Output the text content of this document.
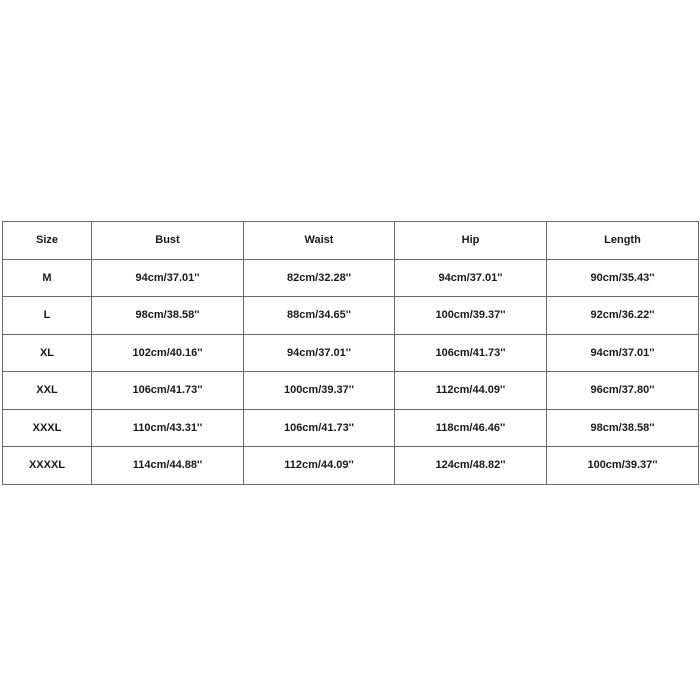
Size	Bust	Waist	Hip	Length
M	94cm/37.01''	82cm/32.28''	94cm/37.01''	90cm/35.43''
L	98cm/38.58''	88cm/34.65''	100cm/39.37''	92cm/36.22''
XL	102cm/40.16''	94cm/37.01''	106cm/41.73''	94cm/37.01''
XXL	106cm/41.73''	100cm/39.37''	112cm/44.09''	96cm/37.80''
XXXL	110cm/43.31''	106cm/41.73''	118cm/46.46''	98cm/38.58''
XXXXL	114cm/44.88''	112cm/44.09''	124cm/48.82''	100cm/39.37''
